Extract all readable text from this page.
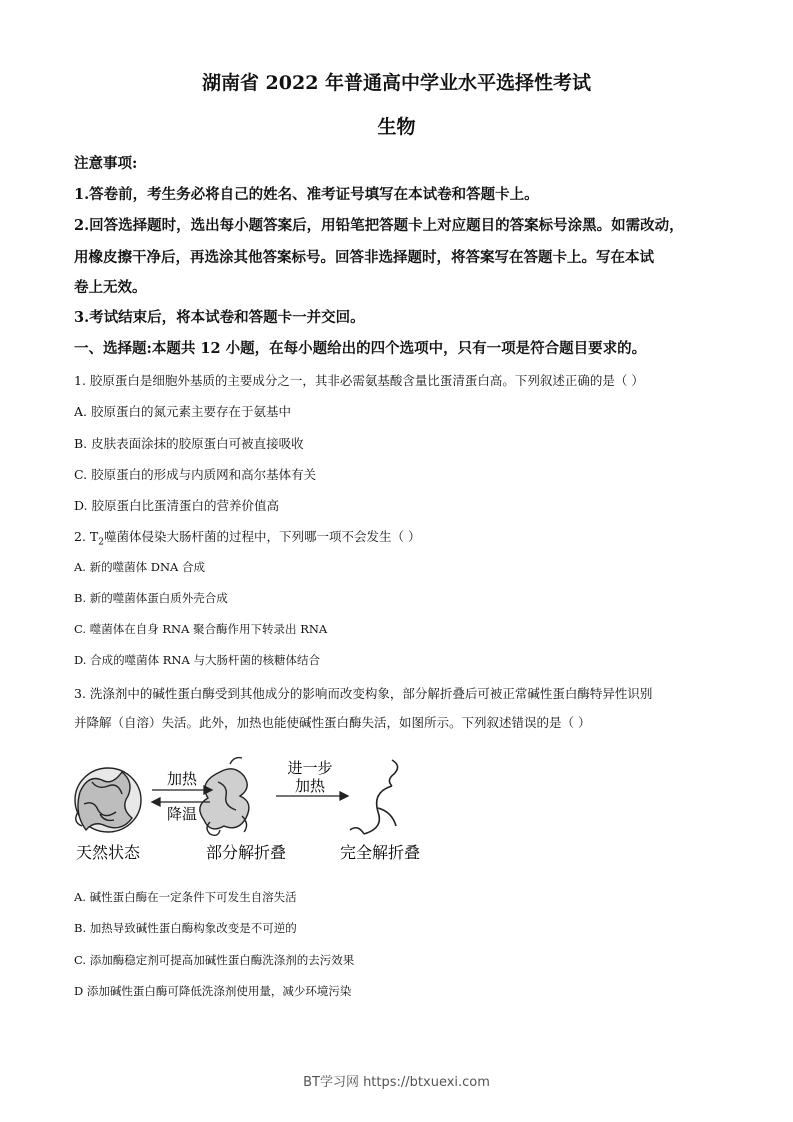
湖南省 2022 年普通高中学业水平选择性考试
生物
注意事项:
1.答卷前，考生务必将自己的姓名、准考证号填写在本试卷和答题卡上。
2.回答选择题时，选出每小题答案后，用铅笔把答题卡上对应题目的答案标号涂黑。如需改动，
用橡皮擦干净后，再选涂其他答案标号。回答非选择题时，将答案写在答题卡上。写在本试
卷上无效。
3.考试结束后，将本试卷和答题卡一并交回。
一、选择题:本题共 12 小题，在每小题给出的四个选项中，只有一项是符合题目要求的。
1. 胶原蛋白是细胞外基质的主要成分之一，其非必需氨基酸含量比蛋清蛋白高。下列叙述正确的是（ ）
A. 胶原蛋白的氮元素主要存在于氨基中
B. 皮肤表面涂抹的胶原蛋白可被直接吸收
C. 胶原蛋白的形成与内质网和高尔基体有关
D. 胶原蛋白比蛋清蛋白的营养价值高
2. $T_2$噬菌体侵染大肠杆菌的过程中，下列哪一项不会发生（ ）
A. 新的噬菌体 DNA 合成
B. 新的噬菌体蛋白质外壳合成
C. 噬菌体在自身 RNA 聚合酶作用下转录出 RNA
D. 合成的噬菌体 RNA 与大肠杆菌的核糖体结合
3. 洗涤剂中的碱性蛋白酶受到其他成分的影响而改变构象，部分解折叠后可被正常碱性蛋白酶特异性识别
并降解（自溶）失活。此外，加热也能使碱性蛋白酶失活，如图所示。下列叙述错误的是（ ）
加热
降温
进一步
加热
天然状态	部分解折叠	完全解折叠
A. 碱性蛋白酶在一定条件下可发生自溶失活
B. 加热导致碱性蛋白酶构象改变是不可逆的
C. 添加酶稳定剂可提高加碱性蛋白酶洗涤剂的去污效果
D 添加碱性蛋白酶可降低洗涤剂使用量，减少环境污染
BT学习网 https://btxuexi.com
